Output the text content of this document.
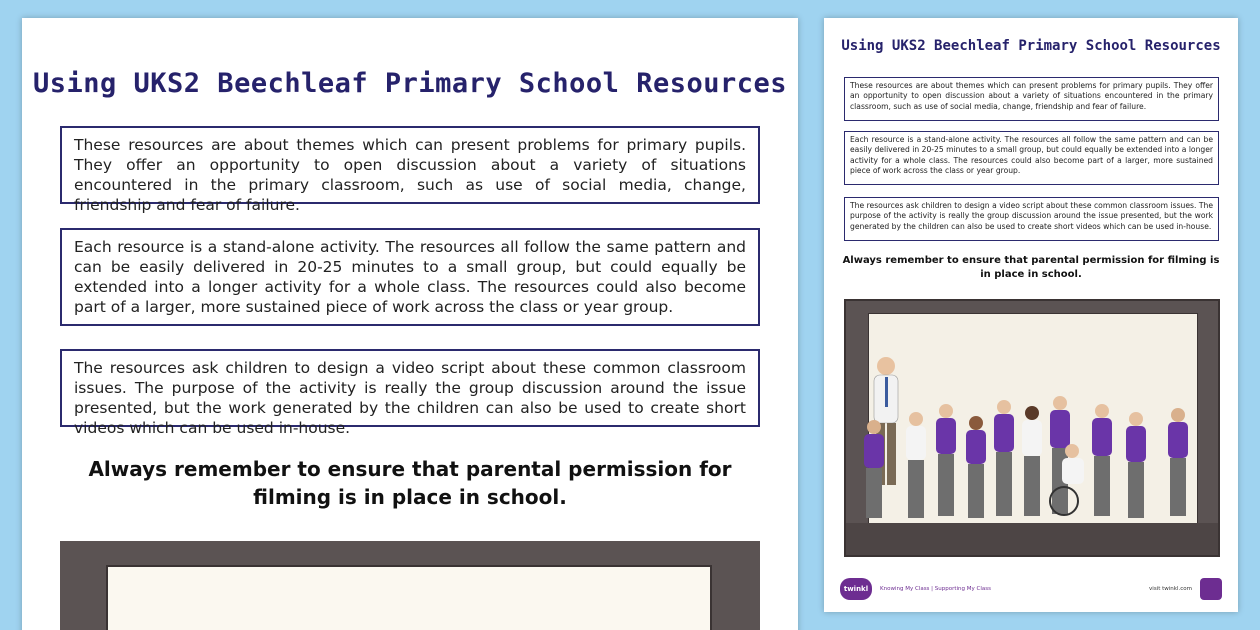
Using UKS2 Beechleaf Primary School Resources
These resources are about themes which can present problems for primary pupils. They offer an opportunity to open discussion about a variety of situations encountered in the primary classroom, such as use of social media, change, friendship and fear of failure.
Each resource is a stand-alone activity. The resources all follow the same pattern and can be easily delivered in 20-25 minutes to a small group, but could equally be extended into a longer activity for a whole class. The resources could also become part of a larger, more sustained piece of work across the class or year group.
The resources ask children to design a video script about these common classroom issues. The purpose of the activity is really the group discussion around the issue presented, but the work generated by the children can also be used to create short videos which can be used in-house.
Always remember to ensure that parental permission for filming is in place in school.
Using UKS2 Beechleaf Primary School Resources
These resources are about themes which can present problems for primary pupils. They offer an opportunity to open discussion about a variety of situations encountered in the primary classroom, such as use of social media, change, friendship and fear of failure.
Each resource is a stand-alone activity. The resources all follow the same pattern and can be easily delivered in 20-25 minutes to a small group, but could equally be extended into a longer activity for a whole class. The resources could also become part of a larger, more sustained piece of work across the class or year group.
The resources ask children to design a video script about these common classroom issues. The purpose of the activity is really the group discussion around the issue presented, but the work generated by the children can also be used to create short videos which can be used in-house.
Always remember to ensure that parental permission for filming is in place in school.
twinkl	Knowing My Class | Supporting My Class	visit twinkl.com
